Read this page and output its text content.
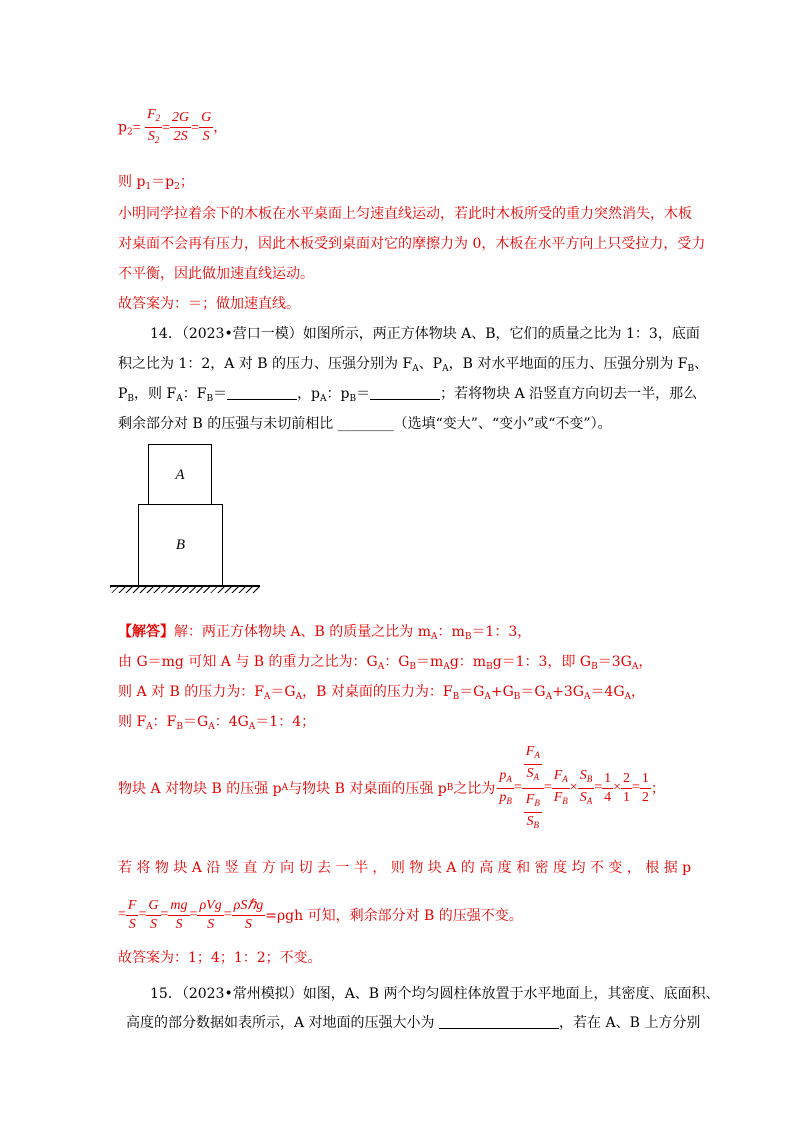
$p_2= \frac{F_2}{S_2} = \frac{2G}{2S} = \frac{G}{S}$ ，
则 $p_1=p_2$；
小明同学拉着余下的木板在水平桌面上匀速直线运动，若此时木板所受的重力突然消失，木板
对桌面不会再有压力，因此木板受到桌面对它的摩擦力为 0，木板在水平方向上只受拉力，受力
不平衡，因此做加速直线运动。
故答案为：＝；做加速直线。
14．（2023•营口一模）如图所示，两正方体物块 A、B，它们的质量之比为 1：3，底面
积之比为 1：2，A 对 B 的压力、压强分别为 $F_A$、$P_A$，B 对水平地面的压力、压强分别为 $F_B$、
$P_B$，则 $F_A$：$F_B=$	，$p_A$：$p_B=$	；若将物块 A 沿竖直方向切去一半，那么
剩余部分对 B 的压强与未切前相比 ________（选填“变大”、“变小”或“不变”）。
A
B
【解答】解：两正方体物块 A、B 的质量之比为 $m_A$：$m_B=1$：3，
由 G＝mg 可知 A 与 B 的重力之比为：$G_A$：$G_B=m_Ag$：$m_Bg=1$：3，即 $G_B=3G_A$，
则 A 对 B 的压力为：$F_A=G_A$，B 对桌面的压力为：$F_B=G_A+G_B=G_A+3G_A=4G_A$，
则 $F_A$：$F_B=G_A$：$4G_A=1$：4；
物块 A 对物块 B 的压强 p A 与物块 B 对桌面的压强 p B 之比为 $\frac{p_A}{p_B} = \frac{\frac{F_A}{S_A}}{\frac{F_B}{S_B}} = \frac{F_A}{F_B} \times \frac{S_B}{S_A} = \frac{1}{4} \times \frac{2}{1} = \frac{1}{2}$ ；
若 将 物 块 A 沿 竖 直 方 向 切 去 一 半 ， 则 物 块 A 的 高 度 和 密 度 均 不 变 ， 根 据 p
= $\frac{F}{S} = \frac{G}{S} = \frac{mg}{S} = \frac{\text{ρVg}}{S} = \frac{\text{ρSℏg}}{S} =\rho gh$ 可知，剩余部分对 B 的压强不变。
故答案为：1；4；1：2；不变。
15．（2023•常州模拟）如图，A、B 两个均匀圆柱体放置于水平地面上，其密度、底面积、
高度的部分数据如表所示，A 对地面的压强大小为	，若在 A、B 上方分别
